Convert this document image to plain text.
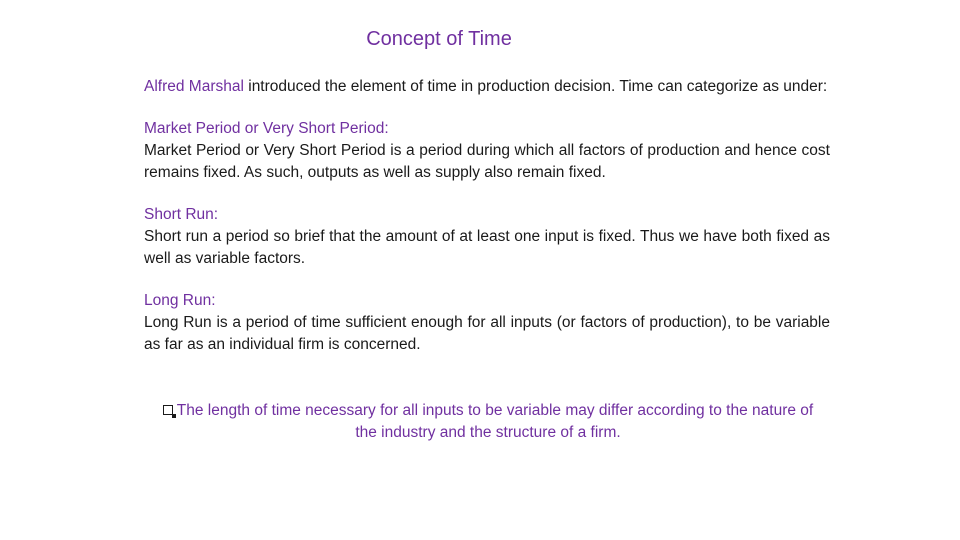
Concept of Time

Alfred Marshal introduced the element of time in production decision. Time can categorize as under:

Market Period or Very Short Period:
Market Period or Very Short Period is a period during which all factors of production and hence cost remains fixed. As such, outputs as well as supply also remain fixed.

Short Run:
Short run a period so brief that the amount of at least one input is fixed. Thus we have both fixed as well as variable factors.

Long Run:
Long Run is a period of time sufficient enough for all inputs (or factors of production), to be variable as far as an individual firm is concerned.

The length of time necessary for all inputs to be variable may differ according to the nature of the industry and the structure of a firm.
